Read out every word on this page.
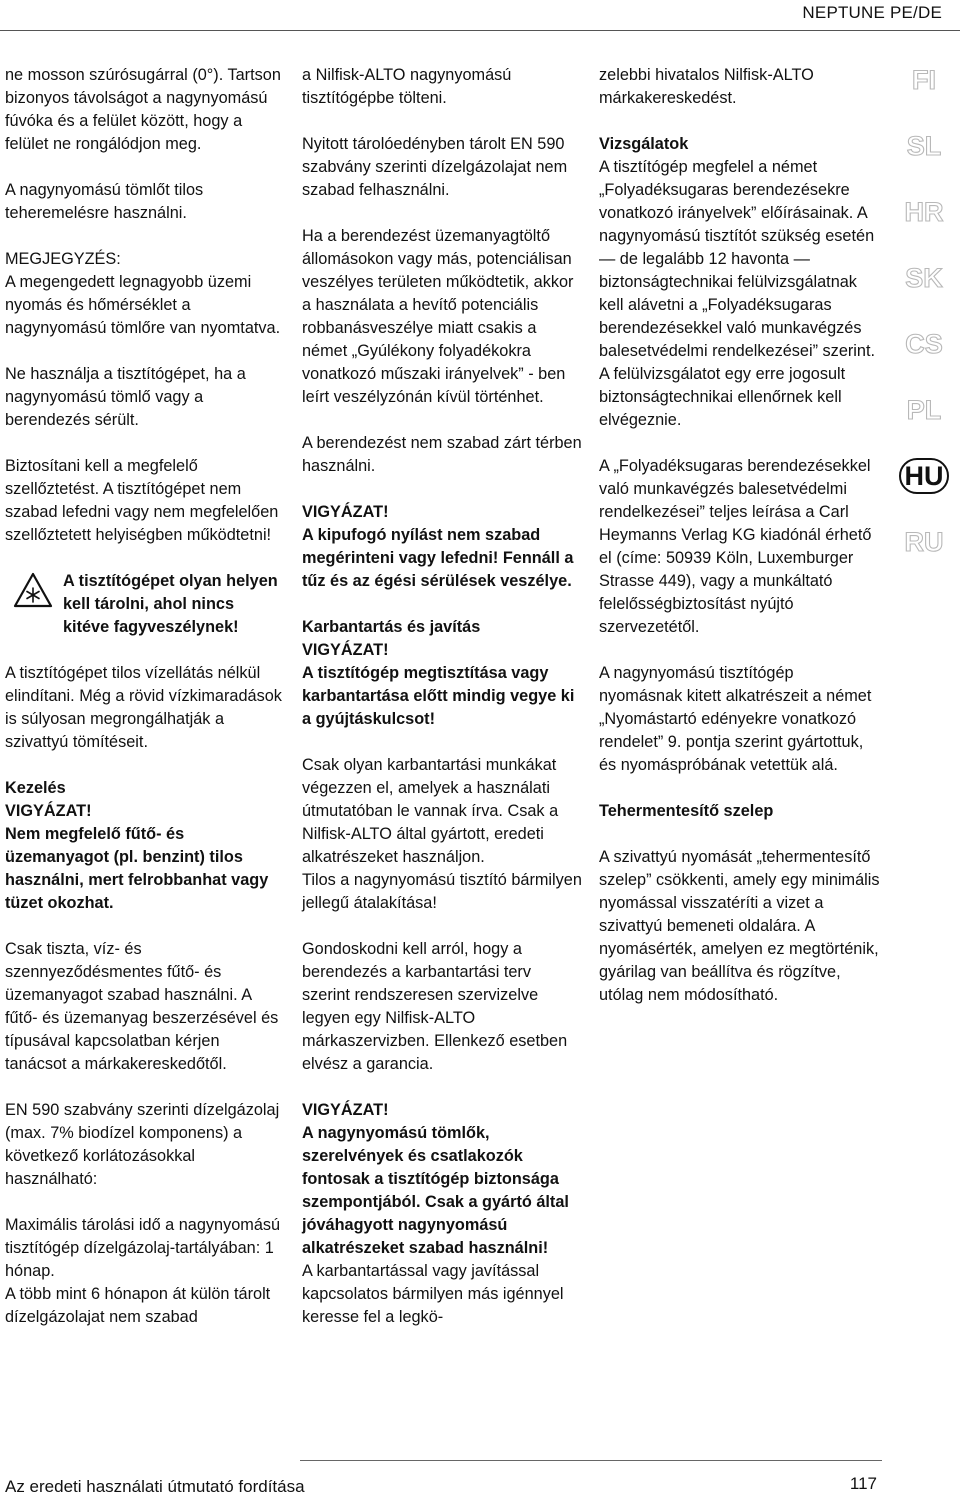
NEPTUNE PE/DE

ne mosson szúrósugárral (0°). Tartson bizonyos távolságot a nagynyomású fúvóka és a felület között, hogy a felület ne rongálódjon meg.

A nagynyomású tömlőt tilos teheremelésre használni.

MEGJEGYZÉS:

A megengedett legnagyobb üzemi nyomás és hőmérséklet a nagynyomású tömlőre van nyomtatva.

Ne használja a tisztítógépet, ha a nagynyomású tömlő vagy a berendezés sérült.

Biztosítani kell a megfelelő szellőztetést. A tisztítógépet nem szabad lefedni vagy nem megfelelően szellőztetett helyiségben működtetni!

A tisztítógépet olyan helyen kell tárolni, ahol nincs kitéve fagyveszélynek!

A tisztítógépet tilos vízellátás nélkül elindítani. Még a rövid vízkimaradások is súlyosan megrongálhatják a szivattyú tömítéseit.

Kezelés

VIGYÁZAT!

Nem megfelelő fűtő- és üzemanyagot (pl. benzint) tilos használni, mert felrobbanhat vagy tüzet okozhat.

Csak tiszta, víz- és szennyeződésmentes fűtő- és üzemanyagot szabad használni. A fűtő- és üzemanyag beszerzésével és típusával kapcsolatban kérjen tanácsot a márkakereskedőtől.

EN 590 szabvány szerinti dízelgázolaj (max. 7% biodízel komponens) a következő korlátozásokkal használható:

Maximális tárolási idő a nagynyomású tisztítógép dízelgázolaj-tartályában: 1 hónap.

A több mint 6 hónapon át külön tárolt dízelgázolajat nem szabad

a Nilfisk-ALTO nagynyomású tisztítógépbe tölteni.

Nyitott tárolóedényben tárolt EN 590 szabvány szerinti dízelgázolajat nem szabad felhasználni.

Ha a berendezést üzemanyagtöltő állomásokon vagy más, potenciálisan veszélyes területen működtetik, akkor a használata a hevítő potenciális robbanásveszélye miatt csakis a német „Gyúlékony folyadékokra vonatkozó műszaki irányelvek” - ben leírt veszélyzónán kívül történhet.

A berendezést nem szabad zárt térben használni.

VIGYÁZAT!

A kipufogó nyílást nem szabad megérinteni vagy lefedni! Fennáll a tűz és az égési sérülések veszélye.

Karbantartás és javítás

VIGYÁZAT!

A tisztítógép megtisztítása vagy karbantartása előtt mindig vegye ki a gyújtáskulcsot!

Csak olyan karbantartási munkákat végezzen el, amelyek a használati útmutatóban le vannak írva. Csak a Nilfisk-ALTO által gyártott, eredeti alkatrészeket használjon.

Tilos a nagynyomású tisztító bármilyen jellegű átalakítása!

Gondoskodni kell arról, hogy a berendezés a karbantartási terv szerint rendszeresen szervizelve legyen egy Nilfisk-ALTO márkaszervizben. Ellenkező esetben elvész a garancia.

VIGYÁZAT!

A nagynyomású tömlők, szerelvények és csatlakozók fontosak a tisztítógép biztonsága szempontjából. Csak a gyártó által jóváhagyott nagynyomású alkatrészeket szabad használni!

A karbantartással vagy javítással kapcsolatos bármilyen más igénnyel keresse fel a legkö-

zelebbi hivatalos Nilfisk-ALTO márkakereskedést.

Vizsgálatok

A tisztítógép megfelel a német „Folyadéksugaras berendezésekre vonatkozó irányelvek” előírásainak. A nagynyomású tisztítót szükség esetén — de legalább 12 havonta — biztonságtechnikai felülvizsgálatnak kell alávetni a „Folyadéksugaras berendezésekkel való munkavégzés balesetvédelmi rendelkezései” szerint. A felülvizsgálatot egy erre jogosult biztonságtechnikai ellenőrnek kell elvégeznie.

A „Folyadéksugaras berendezésekkel való munkavégzés balesetvédelmi rendelkezései” teljes leírása a Carl Heymanns Verlag KG kiadónál érhető el (címe: 50939 Köln, Luxemburger Strasse 449), vagy a munkáltató felelősségbiztosítást nyújtó szervezetétől.

A nagynyomású tisztítógép nyomásnak kitett alkatrészeit a német „Nyomástartó edényekre vonatkozó rendelet” 9. pontja szerint gyártottuk, és nyomáspróbának vetettük alá.

Tehermentesítő szelep

A szivattyú nyomását „tehermentesítő szelep” csökkenti, amely egy minimális nyomással visszatéríti a vizet a szivattyú bemeneti oldalára. A nyomásérték, amelyen ez megtörténik, gyárilag van beállítva és rögzítve, utólag nem módosítható.

FI
SL
HR
SK
CS
PL
HU
RU
Az eredeti használati útmutató fordítása	117
